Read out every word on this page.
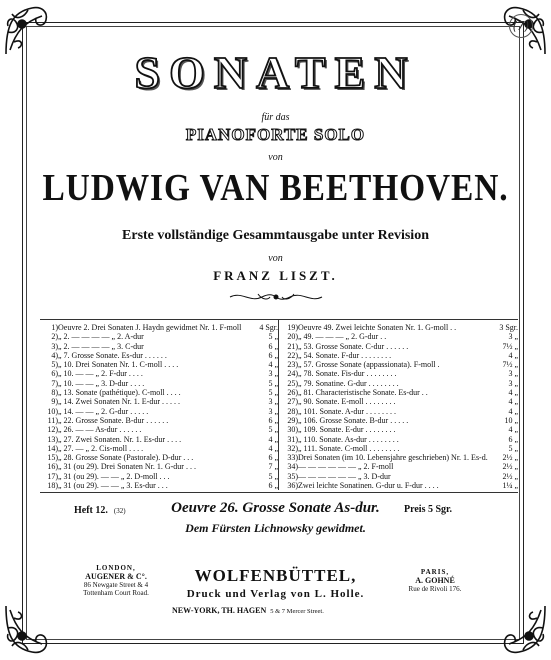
(7)
SONATEN
für das
PIANOFORTE SOLO
von
LUDWIG VAN BEETHOVEN.
Erste vollständige Gesammtausgabe unter Revision
von
FRANZ LISZT.
1)	Oeuvre 2. Drei Sonaten J. Haydn gewidmet Nr. 1. F-moll	4 Sgr.
2)	„ 2. — — — — „ 2. A-dur	5 „
3)	„ 2. — — — — „ 3. C-dur	6 „
4)	„ 7. Grosse Sonate. Es-dur . . . . . .	6 „
5)	„ 10. Drei Sonaten Nr. 1. C-moll . . . .	4 „
6)	„ 10. — — „ 2. F-dur . . . .	3 „
7)	„ 10. — — „ 3. D-dur . . . .	5 „
8)	„ 13. Sonate (pathétique). C-moll . . . .	5 „
9)	„ 14. Zwei Sonaten Nr. 1. E-dur . . . . .	3 „
10)	„ 14. — — „ 2. G-dur . . . . .	3 „
11)	„ 22. Grosse Sonate. B-dur . . . . . .	6 „
12)	„ 26. — — As-dur . . . . . .	5 „
13)	„ 27. Zwei Sonaten. Nr. 1. Es-dur . . . .	4 „
14)	„ 27. — „ 2. Cis-moll . . . .	4 „
15)	„ 28. Grosse Sonate (Pastorale). D-dur . . .	6 „
16)	„ 31 (ou 29). Drei Sonaten Nr. 1. G-dur . . .	7 „
17)	„ 31 (ou 29). — — „ 2. D-moll . . .	5 „
18)	„ 31 (ou 29). — — „ 3. Es-dur . . .	6 „
19)	Oeuvre 49. Zwei leichte Sonaten Nr. 1. G-moll . .	3 Sgr.
20)	„ 49. — — — „ 2. G-dur . .	3 „
21)	„ 53. Grosse Sonate. C-dur . . . . . .	7½ „
22)	„ 54. Sonate. F-dur . . . . . . . .	4 „
23)	„ 57. Grosse Sonate (appassionata). F-moll .	7½ „
24)	„ 78. Sonate. Fis-dur . . . . . . . .	3 „
25)	„ 79. Sonatine. G-dur . . . . . . . .	3 „
26)	„ 81. Characteristische Sonate. Es-dur . .	4 „
27)	„ 90. Sonate. E-moll . . . . . . . .	4 „
28)	„ 101. Sonate. A-dur . . . . . . . .	4 „
29)	„ 106. Grosse Sonate. B-dur . . . . .	10 „
30)	„ 109. Sonate. E-dur . . . . . . . .	4 „
31)	„ 110. Sonate. As-dur . . . . . . . .	6 „
32)	„ 111. Sonate. C-moll . . . . . . . .	5 „
33)	Drei Sonaten (im 10. Lebensjahre geschrieben) Nr. 1. Es-d.	2½ „
34)	— — — — — — „ 2. F-moll	2½ „
35)	— — — — — — „ 3. D-dur	2½ „
36)	Zwei leichte Sonatinen. G-dur u. F-dur . . . .	1¼ „
Heft 12. (32)	Oeuvre 26. Grosse Sonate As-dur.	Preis 5 Sgr.
Dem Fürsten Lichnowsky gewidmet.
LONDON,
AUGENER & C°.
86 Newgate Street & 4 Tottenham Court Road.
WOLFENBÜTTEL,
Druck und Verlag von L. Holle.
PARIS,
A. GOHNÉ
Rue de Rivoli 176.
NEW-YORK, TH. HAGEN 5 & 7 Mercer Street.
